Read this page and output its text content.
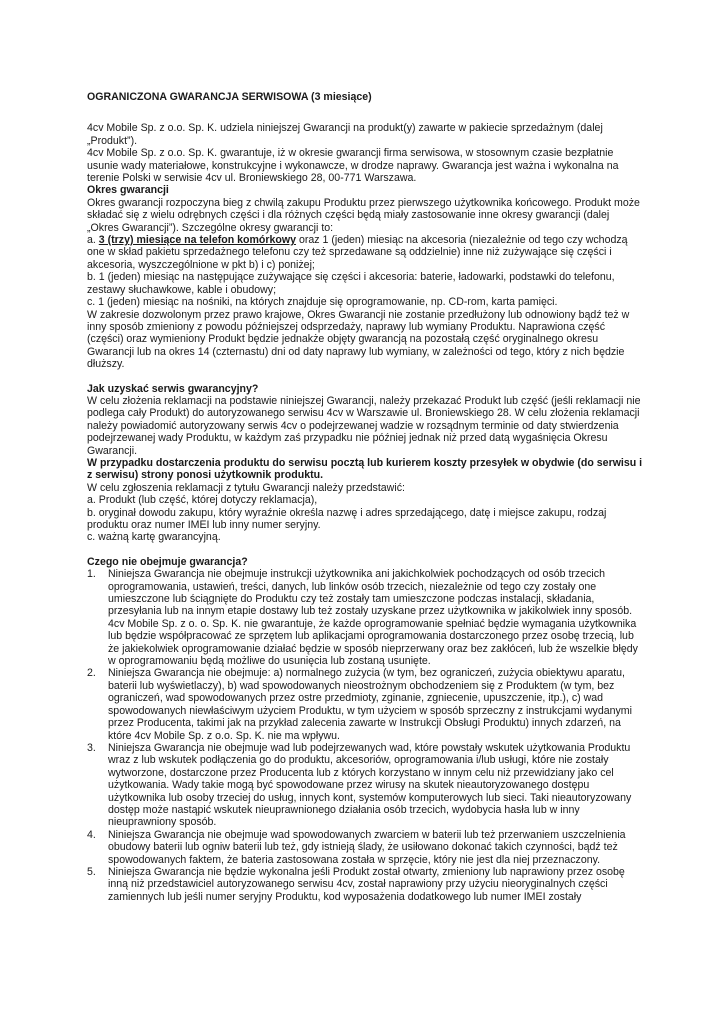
OGRANICZONA GWARANCJA SERWISOWA (3 miesiące)

4cv Mobile Sp. z o.o. Sp. K. udziela niniejszej Gwarancji na produkt(y) zawarte w pakiecie sprzedażnym (dalej „Produkt”).

4cv Mobile Sp. z o.o. Sp. K. gwarantuje, iż w okresie gwarancji firma serwisowa, w stosownym czasie bezpłatnie usunie wady materiałowe, konstrukcyjne i wykonawcze, w drodze naprawy. Gwarancja jest ważna i wykonalna na terenie Polski w serwisie 4cv ul. Broniewskiego 28, 00-771 Warszawa.

Okres gwarancji

Okres gwarancji rozpoczyna bieg z chwilą zakupu Produktu przez pierwszego użytkownika końcowego. Produkt może składać się z wielu odrębnych części i dla różnych części będą miały zastosowanie inne okresy gwarancji (dalej „Okres Gwarancji”). Szczególne okresy gwarancji to:

a. 3 (trzy) miesiące na telefon komórkowy oraz 1 (jeden) miesiąc na akcesoria (niezależnie od tego czy wchodzą one w skład pakietu sprzedażnego telefonu czy też sprzedawane są oddzielnie) inne niż zużywające się części i akcesoria, wyszczególnione w pkt b) i c) poniżej;

b. 1 (jeden) miesiąc na następujące zużywające się części i akcesoria: baterie, ładowarki, podstawki do telefonu, zestawy słuchawkowe, kable i obudowy;

c. 1 (jeden) miesiąc na nośniki, na których znajduje się oprogramowanie, np. CD-rom, karta pamięci.

W zakresie dozwolonym przez prawo krajowe, Okres Gwarancji nie zostanie przedłużony lub odnowiony bądź też w inny sposób zmieniony z powodu późniejszej odsprzedaży, naprawy lub wymiany Produktu. Naprawiona część (części) oraz wymieniony Produkt będzie jednakże objęty gwarancją na pozostałą część oryginalnego okresu Gwarancji lub na okres 14 (czternastu) dni od daty naprawy lub wymiany, w zależności od tego, który z nich będzie dłuższy.

Jak uzyskać serwis gwarancyjny?

W celu złożenia reklamacji na podstawie niniejszej Gwarancji, należy przekazać Produkt lub część (jeśli reklamacji nie podlega cały Produkt) do autoryzowanego serwisu 4cv w Warszawie ul. Broniewskiego 28. W celu złożenia reklamacji należy powiadomić autoryzowany serwis 4cv o podejrzewanej wadzie w rozsądnym terminie od daty stwierdzenia podejrzewanej wady Produktu, w każdym zaś przypadku nie później jednak niż przed datą wygaśnięcia Okresu Gwarancji.

W przypadku dostarczenia produktu do serwisu pocztą lub kurierem koszty przesyłek w obydwie (do serwisu i z serwisu) strony ponosi użytkownik produktu.

W celu zgłoszenia reklamacji z tytułu Gwarancji należy przedstawić:

a. Produkt (lub część, której dotyczy reklamacja),

b. oryginał dowodu zakupu, który wyraźnie określa nazwę i adres sprzedającego, datę i miejsce zakupu, rodzaj produktu oraz numer IMEI lub inny numer seryjny.

c. ważną kartę gwarancyjną.

Czego nie obejmuje gwarancja?

1. Niniejsza Gwarancja nie obejmuje instrukcji użytkownika ani jakichkolwiek pochodzących od osób trzecich oprogramowania, ustawień, treści, danych, lub linków osób trzecich, niezależnie od tego czy zostały one umieszczone lub ściągnięte do Produktu czy też zostały tam umieszczone podczas instalacji, składania, przesyłania lub na innym etapie dostawy lub też zostały uzyskane przez użytkownika w jakikolwiek inny sposób. 4cv Mobile Sp. z o. o. Sp. K. nie gwarantuje, że każde oprogramowanie spełniać będzie wymagania użytkownika lub będzie współpracować ze sprzętem lub aplikacjami oprogramowania dostarczonego przez osobę trzecią, lub że jakiekolwiek oprogramowanie działać będzie w sposób nieprzerwany oraz bez zakłóceń, lub że wszelkie błędy w oprogramowaniu będą możliwe do usunięcia lub zostaną usunięte.
2. Niniejsza Gwarancja nie obejmuje: a) normalnego zużycia (w tym, bez ograniczeń, zużycia obiektywu aparatu, baterii lub wyświetlaczy), b) wad spowodowanych nieostrożnym obchodzeniem się z Produktem (w tym, bez ograniczeń, wad spowodowanych przez ostre przedmioty, zginanie, zgniecenie, upuszczenie, itp.), c) wad spowodowanych niewłaściwym użyciem Produktu, w tym użyciem w sposób sprzeczny z instrukcjami wydanymi przez Producenta, takimi jak na przykład zalecenia zawarte w Instrukcji Obsługi Produktu) innych zdarzeń, na które 4cv Mobile Sp. z o.o. Sp. K. nie ma wpływu.
3. Niniejsza Gwarancja nie obejmuje wad lub podejrzewanych wad, które powstały wskutek użytkowania Produktu wraz z lub wskutek podłączenia go do produktu, akcesoriów, oprogramowania i/lub usługi, które nie zostały wytworzone, dostarczone przez Producenta lub z których korzystano w innym celu niż przewidziany jako cel użytkowania. Wady takie mogą być spowodowane przez wirusy na skutek nieautoryzowanego dostępu użytkownika lub osoby trzeciej do usług, innych kont, systemów komputerowych lub sieci. Taki nieautoryzowany dostęp może nastąpić wskutek nieuprawnionego działania osób trzecich, wydobycia hasła lub w inny nieuprawniony sposób.
4. Niniejsza Gwarancja nie obejmuje wad spowodowanych zwarciem w baterii lub też przerwaniem uszczelnienia obudowy baterii lub ogniw baterii lub też, gdy istnieją ślady, że usiłowano dokonać takich czynności, bądź też spowodowanych faktem, że bateria zastosowana została w sprzęcie, który nie jest dla niej przeznaczony.
5. Niniejsza Gwarancja nie będzie wykonalna jeśli Produkt został otwarty, zmieniony lub naprawiony przez osobę inną niż przedstawiciel autoryzowanego serwisu 4cv, został naprawiony przy użyciu nieoryginalnych części zamiennych lub jeśli numer seryjny Produktu, kod wyposażenia dodatkowego lub numer IMEI zostały
